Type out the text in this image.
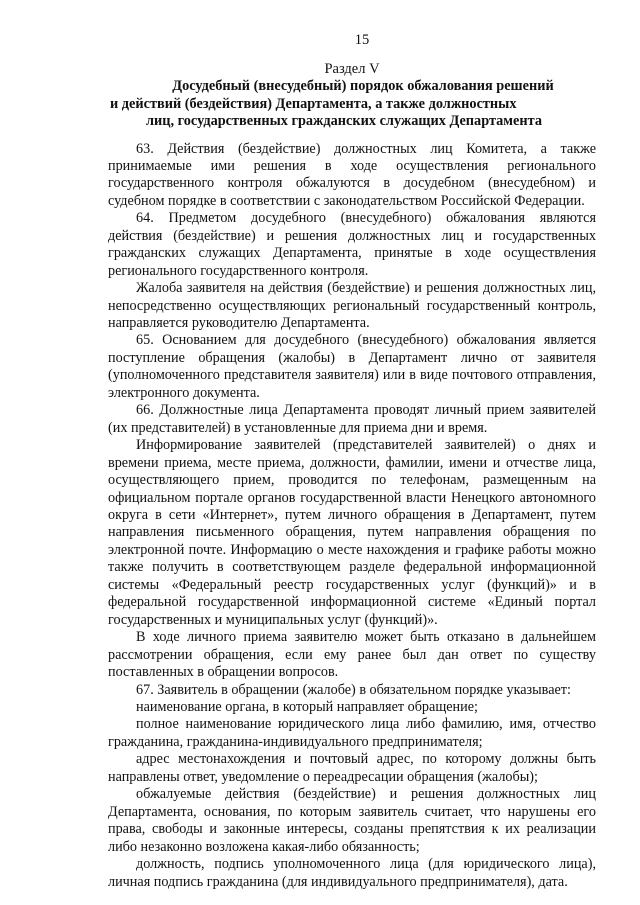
15
Раздел V
Досудебный (внесудебный) порядок обжалования решений
и действий (бездействия) Департамента, а также должностных
лиц, государственных гражданских служащих Департамента

63. Действия (бездействие) должностных лиц Комитета, а также принимаемые ими решения в ходе осуществления регионального государственного контроля обжалуются в досудебном (внесудебном) и судебном порядке в соответствии с законодательством Российской Федерации.

64. Предметом досудебного (внесудебного) обжалования являются действия (бездействие) и решения должностных лиц и государственных гражданских служащих Департамента, принятые в ходе осуществления регионального государственного контроля.

Жалоба заявителя на действия (бездействие) и решения должностных лиц, непосредственно осуществляющих региональный государственный контроль, направляется руководителю Департамента.

65. Основанием для досудебного (внесудебного) обжалования является поступление обращения (жалобы) в Департамент лично от заявителя (уполномоченного представителя заявителя) или в виде почтового отправления, электронного документа.

66. Должностные лица Департамента проводят личный прием заявителей (их представителей) в установленные для приема дни и время.

Информирование заявителей (представителей заявителей) о днях и времени приема, месте приема, должности, фамилии, имени и отчестве лица, осуществляющего прием, проводится по телефонам, размещенным на официальном портале органов государственной власти Ненецкого автономного округа в сети «Интернет», путем личного обращения в Департамент, путем направления письменного обращения, путем направления обращения по электронной почте. Информацию о месте нахождения и графике работы можно также получить в соответствующем разделе федеральной информационной системы «Федеральный реестр государственных услуг (функций)» и в федеральной государственной информационной системе «Единый портал государственных и муниципальных услуг (функций)».

В ходе личного приема заявителю может быть отказано в дальнейшем рассмотрении обращения, если ему ранее был дан ответ по существу поставленных в обращении вопросов.

67. Заявитель в обращении (жалобе) в обязательном порядке указывает:

наименование органа, в который направляет обращение;

полное наименование юридического лица либо фамилию, имя, отчество гражданина, гражданина-индивидуального предпринимателя;

адрес местонахождения и почтовый адрес, по которому должны быть направлены ответ, уведомление о переадресации обращения (жалобы);

обжалуемые действия (бездействие) и решения должностных лиц Департамента, основания, по которым заявитель считает, что нарушены его права, свободы и законные интересы, созданы препятствия к их реализации либо незаконно возложена какая-либо обязанность;

должность, подпись уполномоченного лица (для юридического лица), личная подпись гражданина (для индивидуального предпринимателя), дата.
